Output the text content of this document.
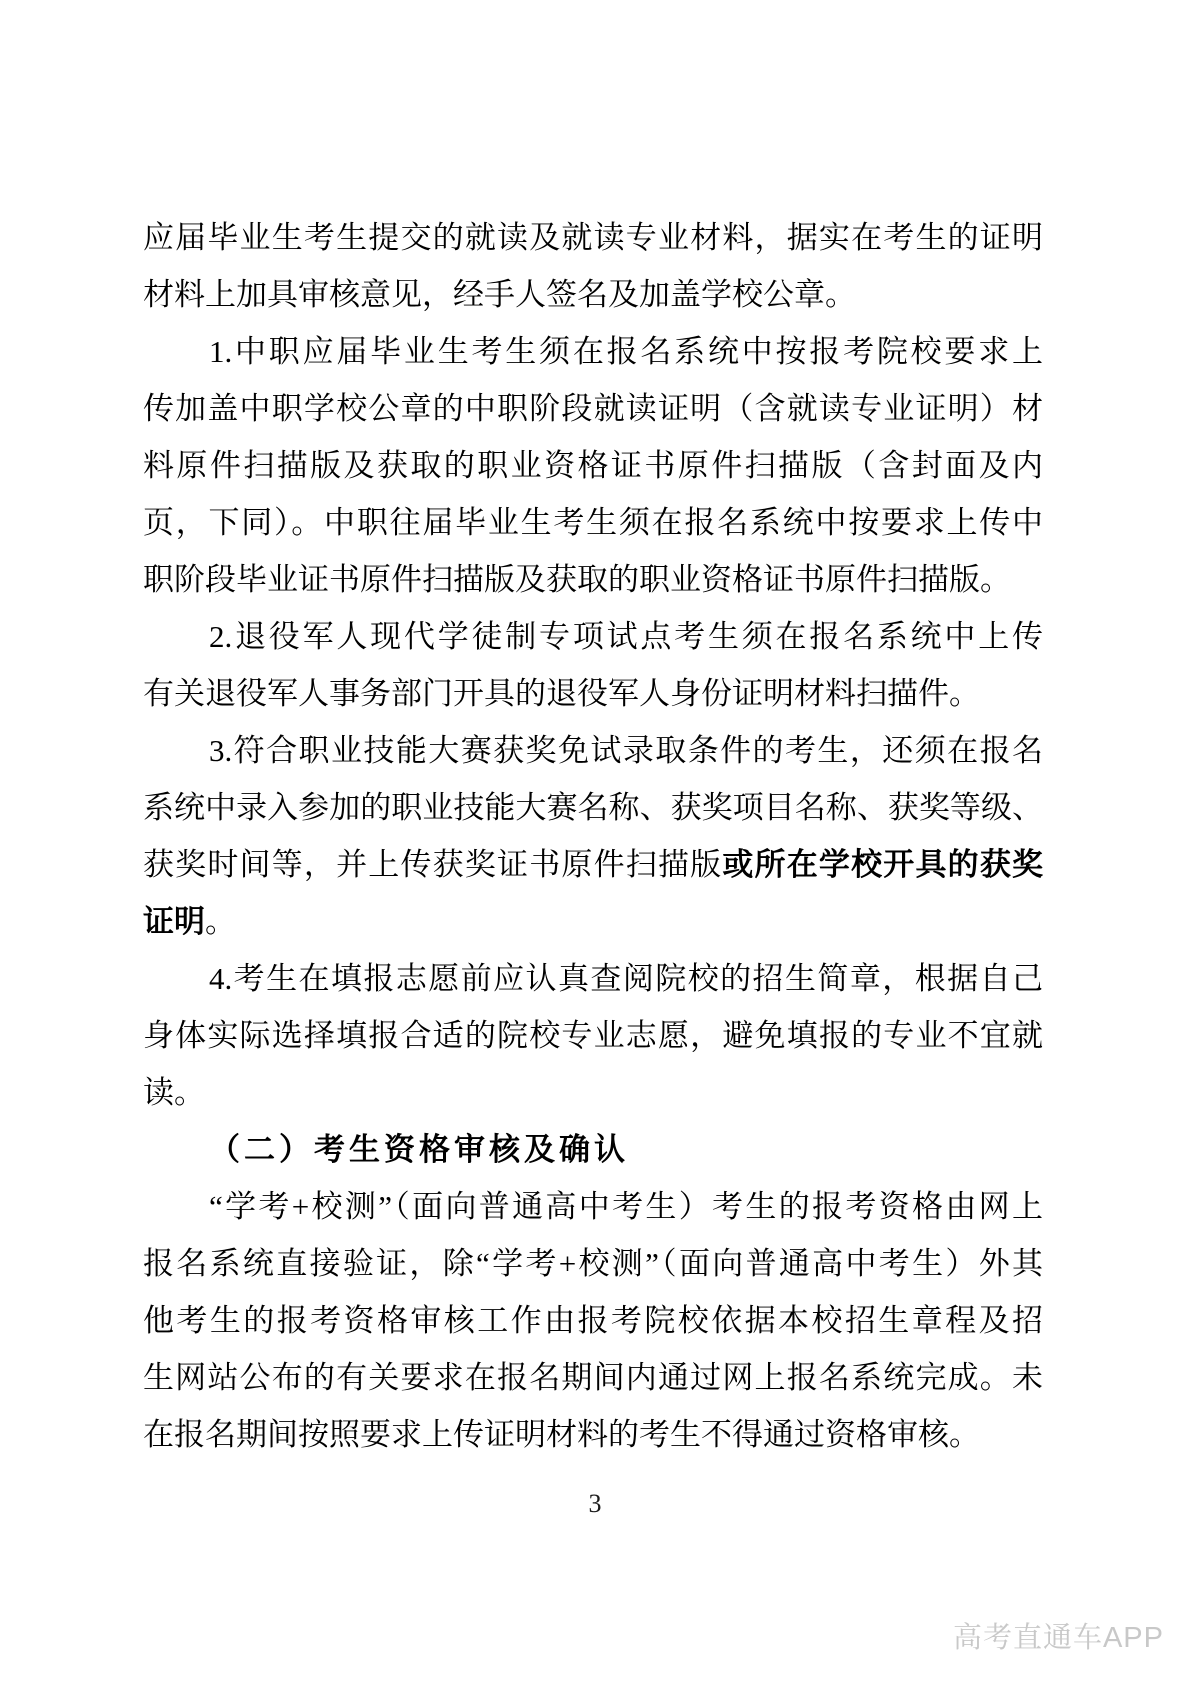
应届毕业生考生提交的就读及就读专业材料，据实在考生的证明
材料上加具审核意见，经手人签名及加盖学校公章。
1.中职应届毕业生考生须在报名系统中按报考院校要求上
传加盖中职学校公章的中职阶段就读证明（含就读专业证明）材
料原件扫描版及获取的职业资格证书原件扫描版（含封面及内
页，下同）。中职往届毕业生考生须在报名系统中按要求上传中
职阶段毕业证书原件扫描版及获取的职业资格证书原件扫描版。
2.退役军人现代学徒制专项试点考生须在报名系统中上传
有关退役军人事务部门开具的退役军人身份证明材料扫描件。
3.符合职业技能大赛获奖免试录取条件的考生，还须在报名
系统中录入参加的职业技能大赛名称、获奖项目名称、获奖等级、
获奖时间等，并上传获奖证书原件扫描版或所在学校开具的获奖
证明。
4.考生在填报志愿前应认真查阅院校的招生简章，根据自己
身体实际选择填报合适的院校专业志愿，避免填报的专业不宜就
读。
（二）考生资格审核及确认
“学考+校测”（面向普通高中考生）考生的报考资格由网上
报名系统直接验证，除“学考+校测”（面向普通高中考生）外其
他考生的报考资格审核工作由报考院校依据本校招生章程及招
生网站公布的有关要求在报名期间内通过网上报名系统完成。未
在报名期间按照要求上传证明材料的考生不得通过资格审核。
3
高考直通车APP
